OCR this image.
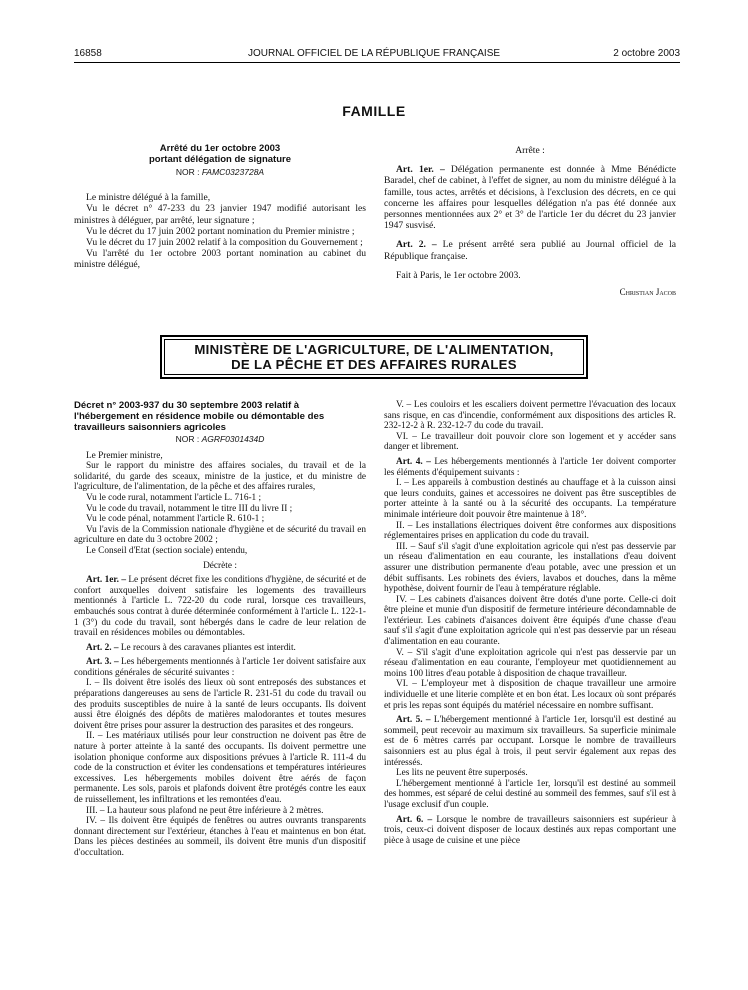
16858	JOURNAL OFFICIEL DE LA RÉPUBLIQUE FRANÇAISE	2 octobre 2003
FAMILLE
Arrêté du 1er octobre 2003
portant délégation de signature
NOR : FAMC0323728A

Le ministre délégué à la famille,

Vu le décret n° 47-233 du 23 janvier 1947 modifié autorisant les ministres à déléguer, par arrêté, leur signature ;

Vu le décret du 17 juin 2002 portant nomination du Premier ministre ;

Vu le décret du 17 juin 2002 relatif à la composition du Gouvernement ;

Vu l'arrêté du 1er octobre 2003 portant nomination au cabinet du ministre délégué,

Arrête :

Art. 1er. – Délégation permanente est donnée à Mme Bénédicte Baradel, chef de cabinet, à l'effet de signer, au nom du ministre délégué à la famille, tous actes, arrêtés et décisions, à l'exclusion des décrets, en ce qui concerne les affaires pour lesquelles délégation n'a pas été donnée aux personnes mentionnées aux 2° et 3° de l'article 1er du décret du 23 janvier 1947 susvisé.

Art. 2. – Le présent arrêté sera publié au Journal officiel de la République française.

Fait à Paris, le 1er octobre 2003.

Christian Jacob
MINISTÈRE DE L'AGRICULTURE, DE L'ALIMENTATION,
DE LA PÊCHE ET DES AFFAIRES RURALES
Décret n° 2003-937 du 30 septembre 2003 relatif à l'hébergement en résidence mobile ou démontable des travailleurs saisonniers agricoles
NOR : AGRF0301434D

Le Premier ministre,

Sur le rapport du ministre des affaires sociales, du travail et de la solidarité, du garde des sceaux, ministre de la justice, et du ministre de l'agriculture, de l'alimentation, de la pêche et des affaires rurales,

Vu le code rural, notamment l'article L. 716-1 ;

Vu le code du travail, notamment le titre III du livre II ;

Vu le code pénal, notamment l'article R. 610-1 ;

Vu l'avis de la Commission nationale d'hygiène et de sécurité du travail en agriculture en date du 3 octobre 2002 ;

Le Conseil d'Etat (section sociale) entendu,

Décrète :

Art. 1er. – Le présent décret fixe les conditions d'hygiène, de sécurité et de confort auxquelles doivent satisfaire les logements des travailleurs mentionnés à l'article L. 722-20 du code rural, lorsque ces travailleurs, embauchés sous contrat à durée déterminée conformément à l'article L. 122-1-1 (3°) du code du travail, sont hébergés dans le cadre de leur relation de travail en résidences mobiles ou démontables.

Art. 2. – Le recours à des caravanes pliantes est interdit.

Art. 3. – Les hébergements mentionnés à l'article 1er doivent satisfaire aux conditions générales de sécurité suivantes :

I. – Ils doivent être isolés des lieux où sont entreposés des substances et préparations dangereuses au sens de l'article R. 231-51 du code du travail ou des produits susceptibles de nuire à la santé de leurs occupants. Ils doivent aussi être éloignés des dépôts de matières malodorantes et toutes mesures doivent être prises pour assurer la destruction des parasites et des rongeurs.

II. – Les matériaux utilisés pour leur construction ne doivent pas être de nature à porter atteinte à la santé des occupants. Ils doivent permettre une isolation phonique conforme aux dispositions prévues à l'article R. 111-4 du code de la construction et éviter les condensations et températures intérieures excessives. Les hébergements mobiles doivent être aérés de façon permanente. Les sols, parois et plafonds doivent être protégés contre les eaux de ruissellement, les infiltrations et les remontées d'eau.

III. – La hauteur sous plafond ne peut être inférieure à 2 mètres.

IV. – Ils doivent être équipés de fenêtres ou autres ouvrants transparents donnant directement sur l'extérieur, étanches à l'eau et maintenus en bon état. Dans les pièces destinées au sommeil, ils doivent être munis d'un dispositif d'occultation.

V. – Les couloirs et les escaliers doivent permettre l'évacuation des locaux sans risque, en cas d'incendie, conformément aux dispositions des articles R. 232-12-2 à R. 232-12-7 du code du travail.

VI. – Le travailleur doit pouvoir clore son logement et y accéder sans danger et librement.

Art. 4. – Les hébergements mentionnés à l'article 1er doivent comporter les éléments d'équipement suivants :

I. – Les appareils à combustion destinés au chauffage et à la cuisson ainsi que leurs conduits, gaines et accessoires ne doivent pas être susceptibles de porter atteinte à la santé ou à la sécurité des occupants. La température minimale intérieure doit pouvoir être maintenue à 18°.

II. – Les installations électriques doivent être conformes aux dispositions réglementaires prises en application du code du travail.

III. – Sauf s'il s'agit d'une exploitation agricole qui n'est pas desservie par un réseau d'alimentation en eau courante, les installations d'eau doivent assurer une distribution permanente d'eau potable, avec une pression et un débit suffisants. Les robinets des éviers, lavabos et douches, dans la même hypothèse, doivent fournir de l'eau à température réglable.

IV. – Les cabinets d'aisances doivent être dotés d'une porte. Celle-ci doit être pleine et munie d'un dispositif de fermeture intérieure décondamnable de l'extérieur. Les cabinets d'aisances doivent être équipés d'une chasse d'eau sauf s'il s'agit d'une exploitation agricole qui n'est pas desservie par un réseau d'alimentation en eau courante.

V. – S'il s'agit d'une exploitation agricole qui n'est pas desservie par un réseau d'alimentation en eau courante, l'employeur met quotidiennement au moins 100 litres d'eau potable à disposition de chaque travailleur.

VI. – L'employeur met à disposition de chaque travailleur une armoire individuelle et une literie complète et en bon état. Les locaux où sont préparés et pris les repas sont équipés du matériel nécessaire en nombre suffisant.

Art. 5. – L'hébergement mentionné à l'article 1er, lorsqu'il est destiné au sommeil, peut recevoir au maximum six travailleurs. Sa superficie minimale est de 6 mètres carrés par occupant. Lorsque le nombre de travailleurs saisonniers est au plus égal à trois, il peut servir également aux repas des intéressés.

Les lits ne peuvent être superposés.

L'hébergement mentionné à l'article 1er, lorsqu'il est destiné au sommeil des hommes, est séparé de celui destiné au sommeil des femmes, sauf s'il est à l'usage exclusif d'un couple.

Art. 6. – Lorsque le nombre de travailleurs saisonniers est supérieur à trois, ceux-ci doivent disposer de locaux destinés aux repas comportant une pièce à usage de cuisine et une pièce
